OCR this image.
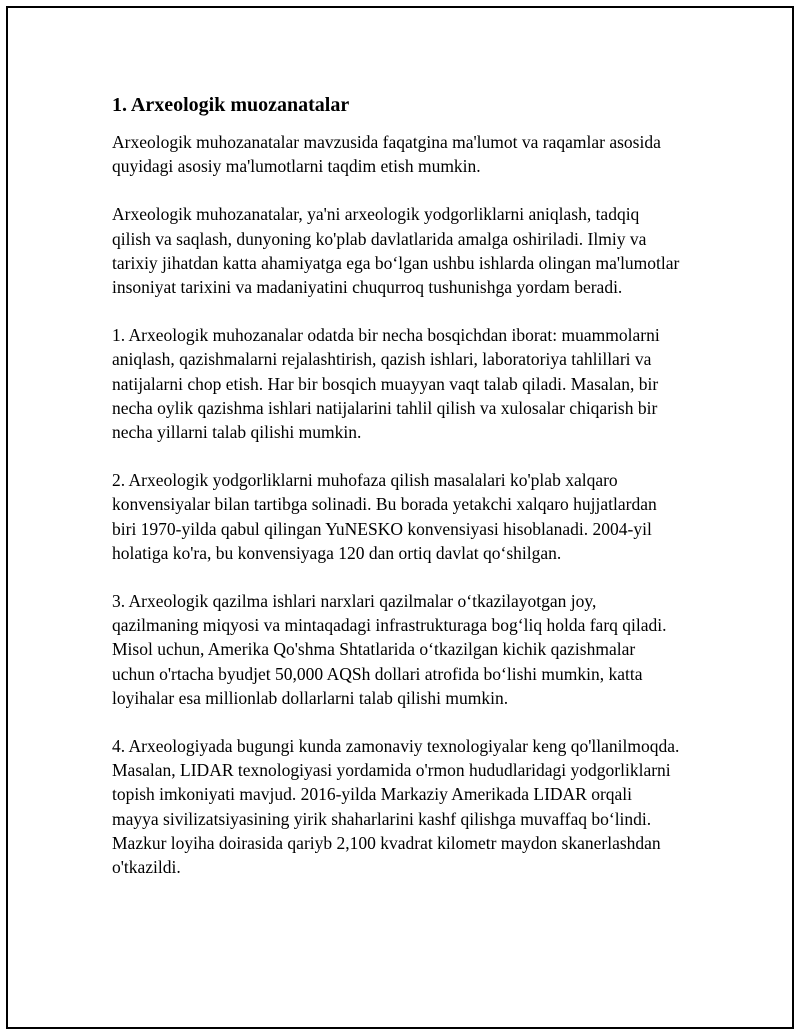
1. Arxeologik muozanatalar

Arxeologik muhozanatalar mavzusida faqatgina ma'lumot va raqamlar asosida quyidagi asosiy ma'lumotlarni taqdim etish mumkin.

Arxeologik muhozanatalar, ya'ni arxeologik yodgorliklarni aniqlash, tadqiq qilish va saqlash, dunyoning ko'plab davlatlarida amalga oshiriladi. Ilmiy va tarixiy jihatdan katta ahamiyatga ega bo‘lgan ushbu ishlarda olingan ma'lumotlar insoniyat tarixini va madaniyatini chuqurroq tushunishga yordam beradi.

1. Arxeologik muhozanalar odatda bir necha bosqichdan iborat: muammolarni aniqlash, qazishmalarni rejalashtirish, qazish ishlari, laboratoriya tahlillari va natijalarni chop etish. Har bir bosqich muayyan vaqt talab qiladi. Masalan, bir necha oylik qazishma ishlari natijalarini tahlil qilish va xulosalar chiqarish bir necha yillarni talab qilishi mumkin.

2. Arxeologik yodgorliklarni muhofaza qilish masalalari ko'plab xalqaro konvensiyalar bilan tartibga solinadi. Bu borada yetakchi xalqaro hujjatlardan biri 1970-yilda qabul qilingan YuNESKO konvensiyasi hisoblanadi. 2004-yil holatiga ko'ra, bu konvensiyaga 120 dan ortiq davlat qo‘shilgan.

3. Arxeologik qazilma ishlari narxlari qazilmalar o‘tkazilayotgan joy, qazilmaning miqyosi va mintaqadagi infrastrukturaga bog‘liq holda farq qiladi. Misol uchun, Amerika Qo'shma Shtatlarida o‘tkazilgan kichik qazishmalar uchun o'rtacha byudjet 50,000 AQSh dollari atrofida bo‘lishi mumkin, katta loyihalar esa millionlab dollarlarni talab qilishi mumkin.

4. Arxeologiyada bugungi kunda zamonaviy texnologiyalar keng qo'llanilmoqda. Masalan, LIDAR texnologiyasi yordamida o'rmon hududlaridagi yodgorliklarni topish imkoniyati mavjud. 2016-yilda Markaziy Amerikada LIDAR orqali mayya sivilizatsiyasining yirik shaharlarini kashf qilishga muvaffaq bo‘lindi. Mazkur loyiha doirasida qariyb 2,100 kvadrat kilometr maydon skanerlashdan o'tkazildi.
